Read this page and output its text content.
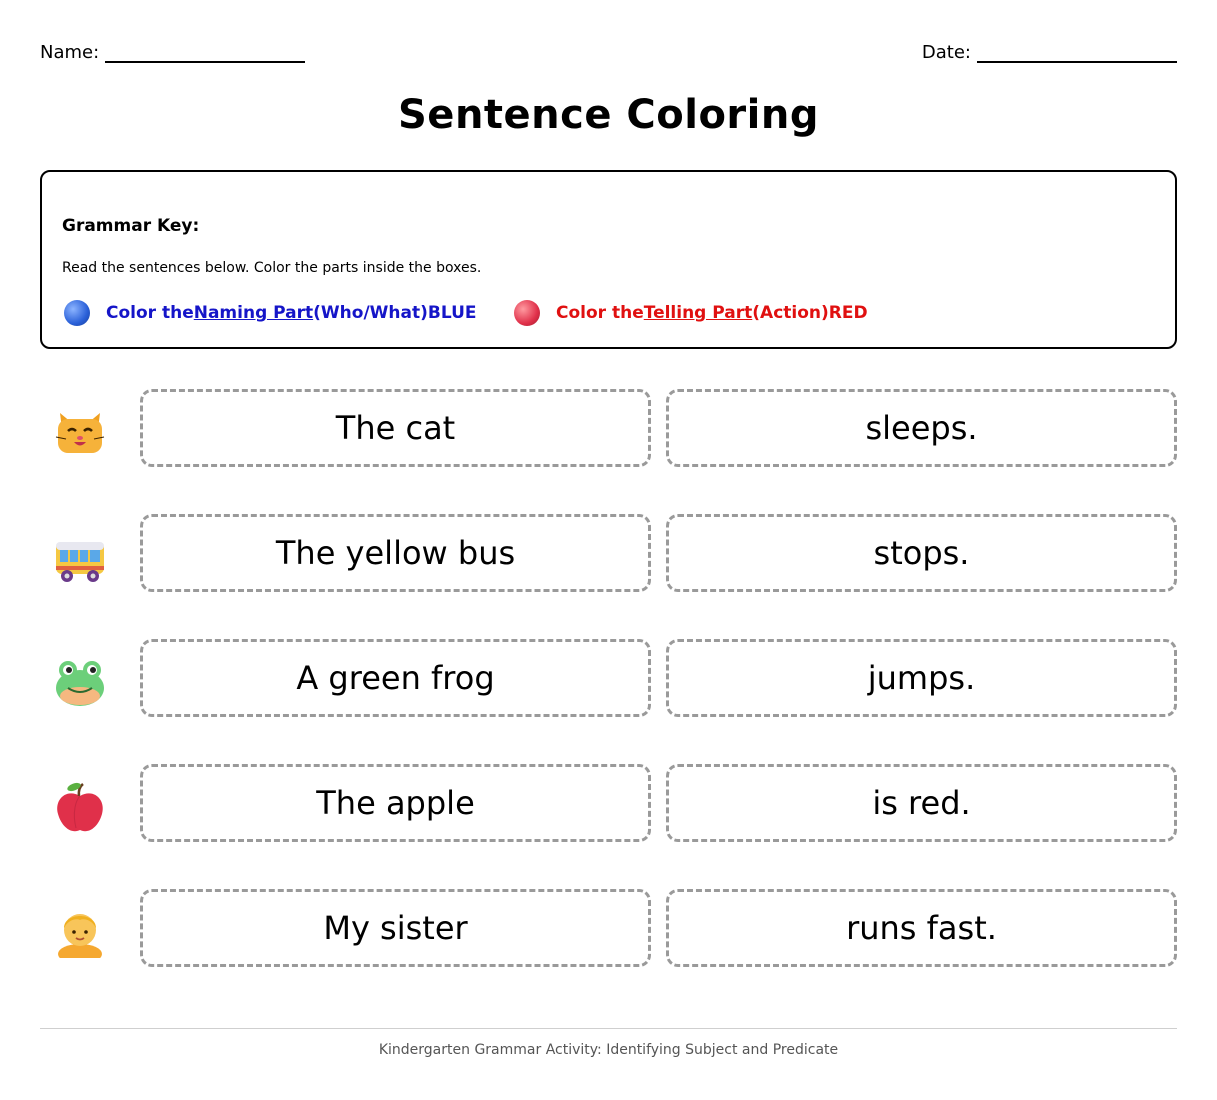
Name:	Date:
Sentence Coloring
Grammar Key:
Read the sentences below. Color the parts inside the boxes.
Color the Naming Part (Who/What)BLUE	Color the Telling Part (Action)RED
The cat	sleeps.
The yellow bus	stops.
A green frog	jumps.
The apple	is red.
My sister	runs fast.
Kindergarten Grammar Activity: Identifying Subject and Predicate
